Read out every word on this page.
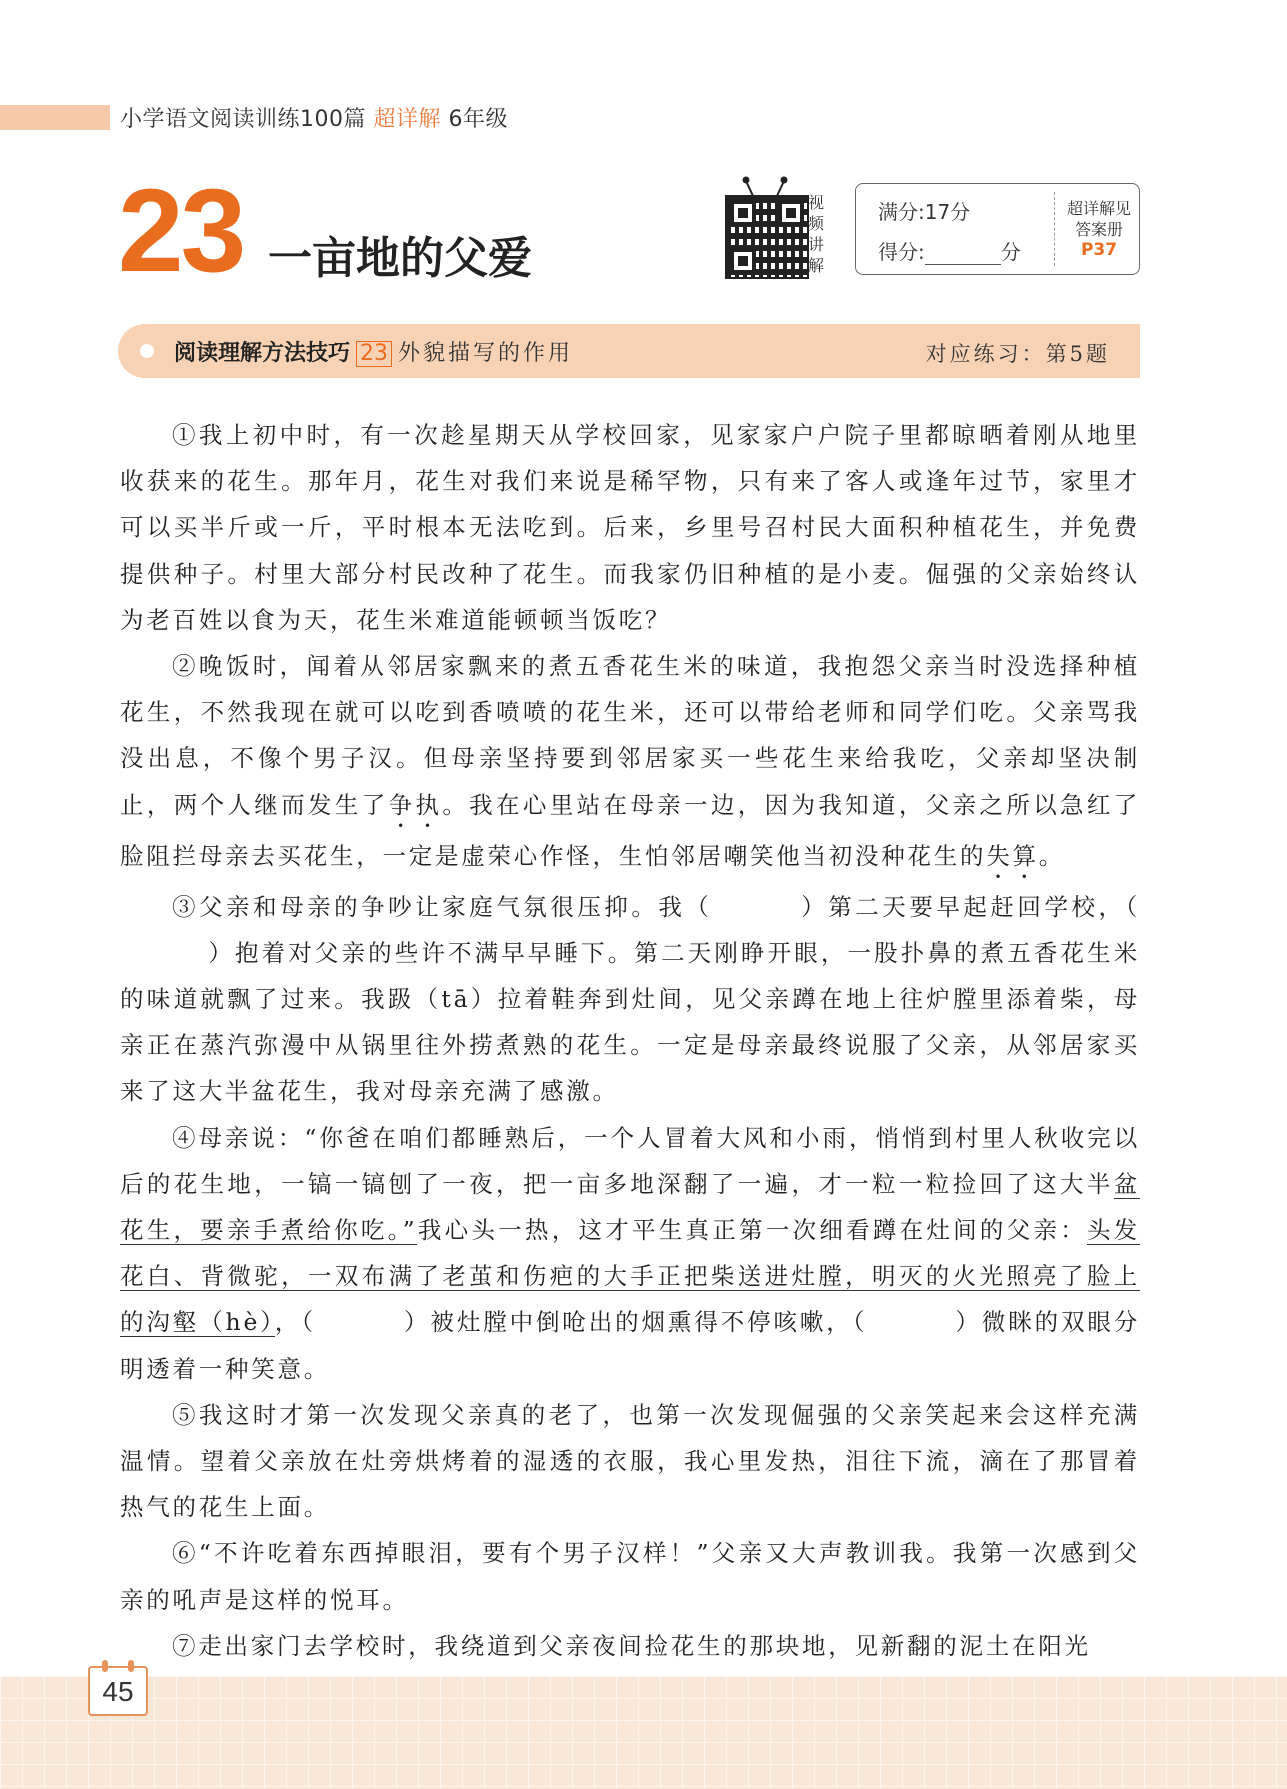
小学语文阅读训练100篇 超详解 6年级
23 一亩地的父爱
视
频
讲
解
满分:17分
得分:	分
超详解见
答案册
P37
阅读理解方法技巧 23 外貌描写的作用	对应练习：第5题

①我上初中时，有一次趁星期天从学校回家，见家家户户院子里都晾晒着刚从地里收获来的花生。那年月，花生对我们来说是稀罕物，只有来了客人或逢年过节，家里才可以买半斤或一斤，平时根本无法吃到。后来，乡里号召村民大面积种植花生，并免费提供种子。村里大部分村民改种了花生。而我家仍旧种植的是小麦。倔强的父亲始终认为老百姓以食为天，花生米难道能顿顿当饭吃？

②晚饭时，闻着从邻居家飘来的煮五香花生米的味道，我抱怨父亲当时没选择种植花生，不然我现在就可以吃到香喷喷的花生米，还可以带给老师和同学们吃。父亲骂我没出息，不像个男子汉。但母亲坚持要到邻居家买一些花生来给我吃，父亲却坚决制止，两个人继而发生了争执。我在心里站在母亲一边，因为我知道，父亲之所以急红了脸阻拦母亲去买花生，一定是虚荣心作怪，生怕邻居嘲笑他当初没种花生的失算。

③父亲和母亲的争吵让家庭气氛很压抑。我（	）第二天要早起赶回学校，（）抱着对父亲的些许不满早早睡下。第二天刚睁开眼，一股扑鼻的煮五香花生米的味道就飘了过来。我趿（tā）拉着鞋奔到灶间，见父亲蹲在地上往炉膛里添着柴，母亲正在蒸汽弥漫中从锅里往外捞煮熟的花生。一定是母亲最终说服了父亲，从邻居家买来了这大半盆花生，我对母亲充满了感激。

④母亲说：“你爸在咱们都睡熟后，一个人冒着大风和小雨，悄悄到村里人秋收完以后的花生地，一镐一镐刨了一夜，把一亩多地深翻了一遍，才一粒一粒捡回了这大半盆花生，要亲手煮给你吃。”我心头一热，这才平生真正第一次细看蹲在灶间的父亲：头发花白、背微驼，一双布满了老茧和伤疤的大手正把柴送进灶膛，明灭的火光照亮了脸上的沟壑（hè），（	）被灶膛中倒呛出的烟熏得不停咳嗽，（	）微眯的双眼分明透着一种笑意。

⑤我这时才第一次发现父亲真的老了，也第一次发现倔强的父亲笑起来会这样充满温情。望着父亲放在灶旁烘烤着的湿透的衣服，我心里发热，泪往下流，滴在了那冒着热气的花生上面。

⑥“不许吃着东西掉眼泪，要有个男子汉样！”父亲又大声教训我。我第一次感到父亲的吼声是这样的悦耳。

⑦走出家门去学校时，我绕道到父亲夜间捡花生的那块地，见新翻的泥土在阳光

45
